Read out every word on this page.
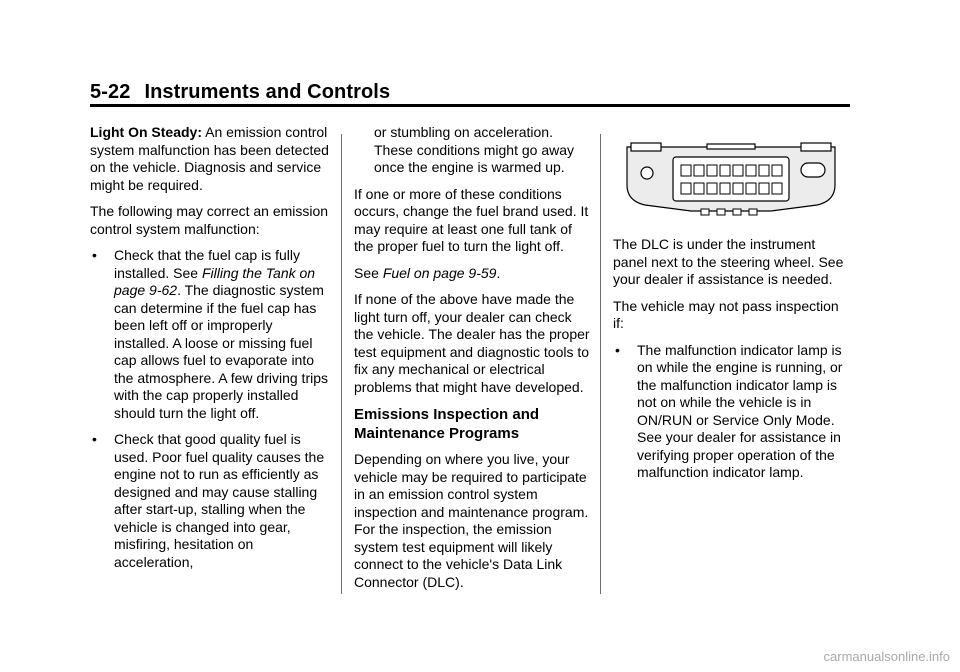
5-22 Instruments and Controls

Light On Steady: An emission control system malfunction has been detected on the vehicle. Diagnosis and service might be required.

The following may correct an emission control system malfunction:

• Check that the fuel cap is fully installed. See Filling the Tank on page 9-62. The diagnostic system can determine if the fuel cap has been left off or improperly installed. A loose or missing fuel cap allows fuel to evaporate into the atmosphere. A few driving trips with the cap properly installed should turn the light off.
• Check that good quality fuel is used. Poor fuel quality causes the engine not to run as efficiently as designed and may cause stalling after start-up, stalling when the vehicle is changed into gear, misfiring, hesitation on acceleration,
or stumbling on acceleration. These conditions might go away once the engine is warmed up.

If one or more of these conditions occurs, change the fuel brand used. It may require at least one full tank of the proper fuel to turn the light off.

See Fuel on page 9-59.

If none of the above have made the light turn off, your dealer can check the vehicle. The dealer has the proper test equipment and diagnostic tools to fix any mechanical or electrical problems that might have developed.

Emissions Inspection and Maintenance Programs

Depending on where you live, your vehicle may be required to participate in an emission control system inspection and maintenance program. For the inspection, the emission system test equipment will likely connect to the vehicle's Data Link Connector (DLC).

The DLC is under the instrument panel next to the steering wheel. See your dealer if assistance is needed.

The vehicle may not pass inspection if:

• The malfunction indicator lamp is on while the engine is running, or the malfunction indicator lamp is not on while the vehicle is in ON/RUN or Service Only Mode. See your dealer for assistance in verifying proper operation of the malfunction indicator lamp.
carmanualsonline.info
